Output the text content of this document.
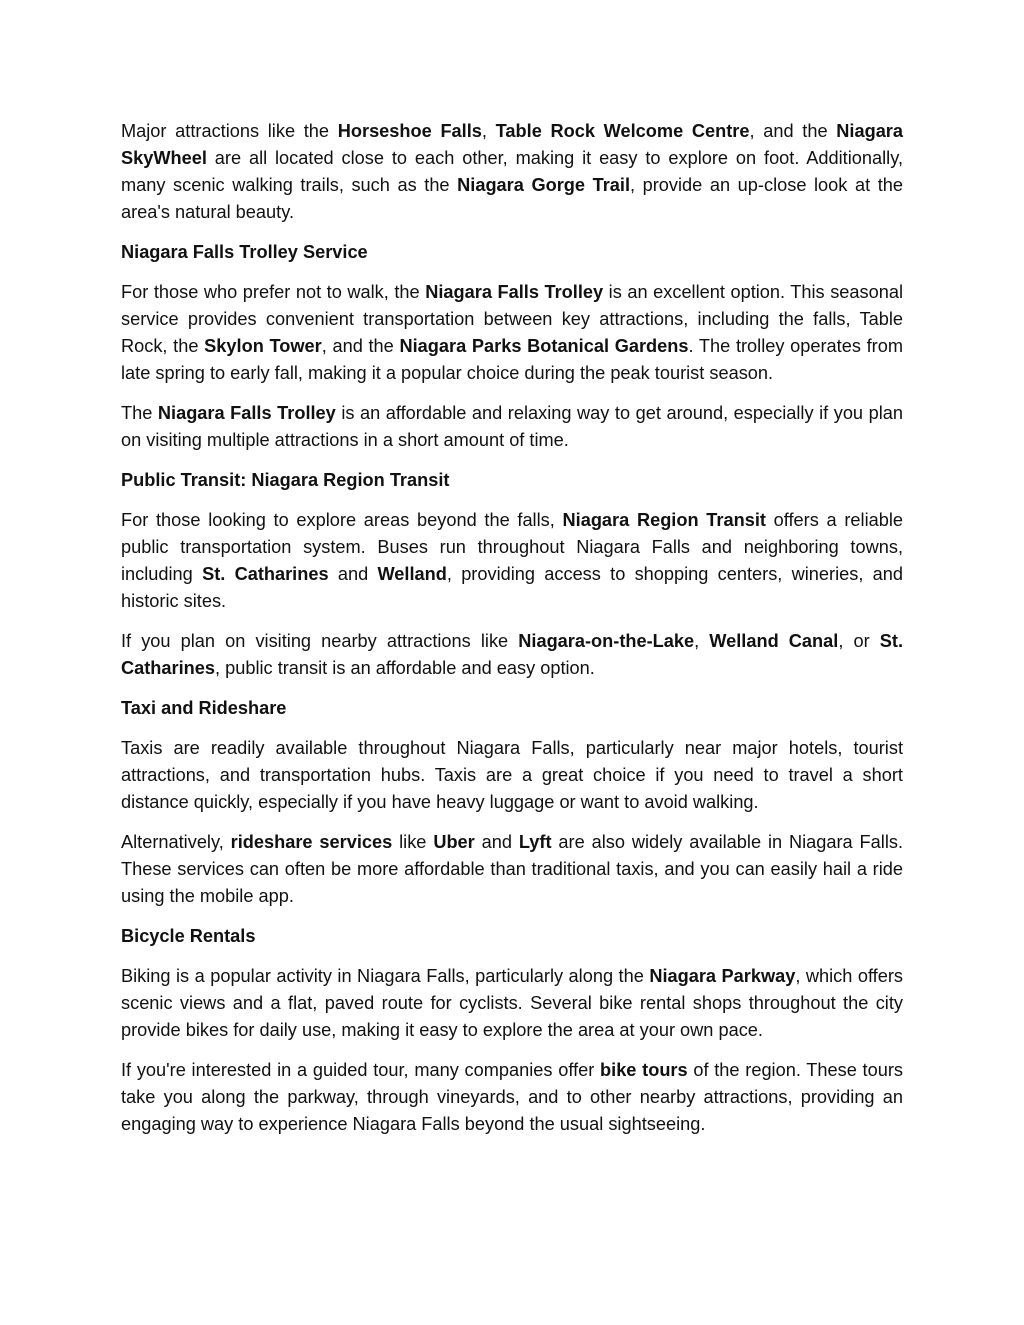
Major attractions like the Horseshoe Falls, Table Rock Welcome Centre, and the Niagara SkyWheel are all located close to each other, making it easy to explore on foot. Additionally, many scenic walking trails, such as the Niagara Gorge Trail, provide an up-close look at the area's natural beauty.

Niagara Falls Trolley Service

For those who prefer not to walk, the Niagara Falls Trolley is an excellent option. This seasonal service provides convenient transportation between key attractions, including the falls, Table Rock, the Skylon Tower, and the Niagara Parks Botanical Gardens. The trolley operates from late spring to early fall, making it a popular choice during the peak tourist season.

The Niagara Falls Trolley is an affordable and relaxing way to get around, especially if you plan on visiting multiple attractions in a short amount of time.

Public Transit: Niagara Region Transit

For those looking to explore areas beyond the falls, Niagara Region Transit offers a reliable public transportation system. Buses run throughout Niagara Falls and neighboring towns, including St. Catharines and Welland, providing access to shopping centers, wineries, and historic sites.

If you plan on visiting nearby attractions like Niagara-on-the-Lake, Welland Canal, or St. Catharines, public transit is an affordable and easy option.

Taxi and Rideshare

Taxis are readily available throughout Niagara Falls, particularly near major hotels, tourist attractions, and transportation hubs. Taxis are a great choice if you need to travel a short distance quickly, especially if you have heavy luggage or want to avoid walking.

Alternatively, rideshare services like Uber and Lyft are also widely available in Niagara Falls. These services can often be more affordable than traditional taxis, and you can easily hail a ride using the mobile app.

Bicycle Rentals

Biking is a popular activity in Niagara Falls, particularly along the Niagara Parkway, which offers scenic views and a flat, paved route for cyclists. Several bike rental shops throughout the city provide bikes for daily use, making it easy to explore the area at your own pace.

If you're interested in a guided tour, many companies offer bike tours of the region. These tours take you along the parkway, through vineyards, and to other nearby attractions, providing an engaging way to experience Niagara Falls beyond the usual sightseeing.
